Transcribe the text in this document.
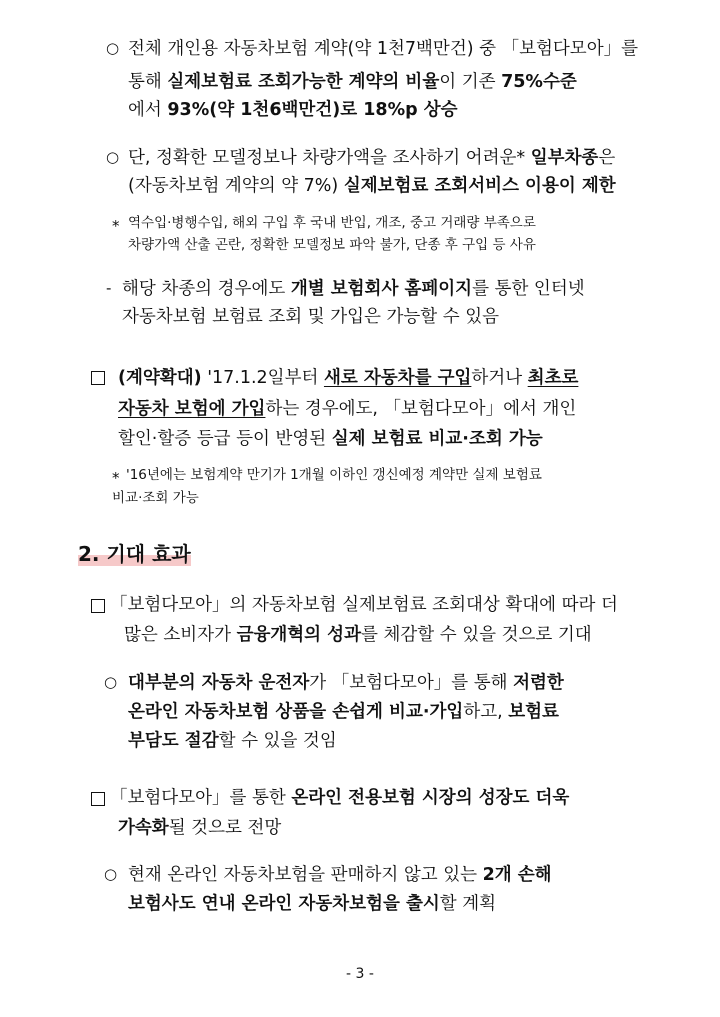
○ 전체 개인용 자동차보험 계약(약 1천7백만건) 중 「보험다모아」를
통해 실제보험료 조회가능한 계약의 비율이 기존 75%수준
에서 93%(약 1천6백만건)로 18%p 상승
○ 단, 정확한 모델정보나 차량가액을 조사하기 어려운* 일부차종은
(자동차보험 계약의 약 7%) 실제보험료 조회서비스 이용이 제한
* 역수입·병행수입, 해외 구입 후 국내 반입, 개조, 중고 거래량 부족으로
차량가액 산출 곤란, 정확한 모델정보 파악 불가, 단종 후 구입 등 사유
- 해당 차종의 경우에도 개별 보험회사 홈페이지를 통한 인터넷
자동차보험 보험료 조회 및 가입은 가능할 수 있음
(계약확대) '17.1.2일부터 새로 자동차를 구입하거나 최초로
자동차 보험에 가입하는 경우에도, 「보험다모아」에서 개인
할인·할증 등급 등이 반영된 실제 보험료 비교·조회 가능
* '16년에는 보험계약 만기가 1개월 이하인 갱신예정 계약만 실제 보험료
비교·조회 가능
2. 기대 효과
「보험다모아」의 자동차보험 실제보험료 조회대상 확대에 따라 더
많은 소비자가 금융개혁의 성과를 체감할 수 있을 것으로 기대
○ 대부분의 자동차 운전자가 「보험다모아」를 통해 저렴한
온라인 자동차보험 상품을 손쉽게 비교·가입하고, 보험료
부담도 절감할 수 있을 것임
「보험다모아」를 통한 온라인 전용보험 시장의 성장도 더욱
가속화될 것으로 전망
○ 현재 온라인 자동차보험을 판매하지 않고 있는 2개 손해
보험사도 연내 온라인 자동차보험을 출시할 계획
- 3 -
